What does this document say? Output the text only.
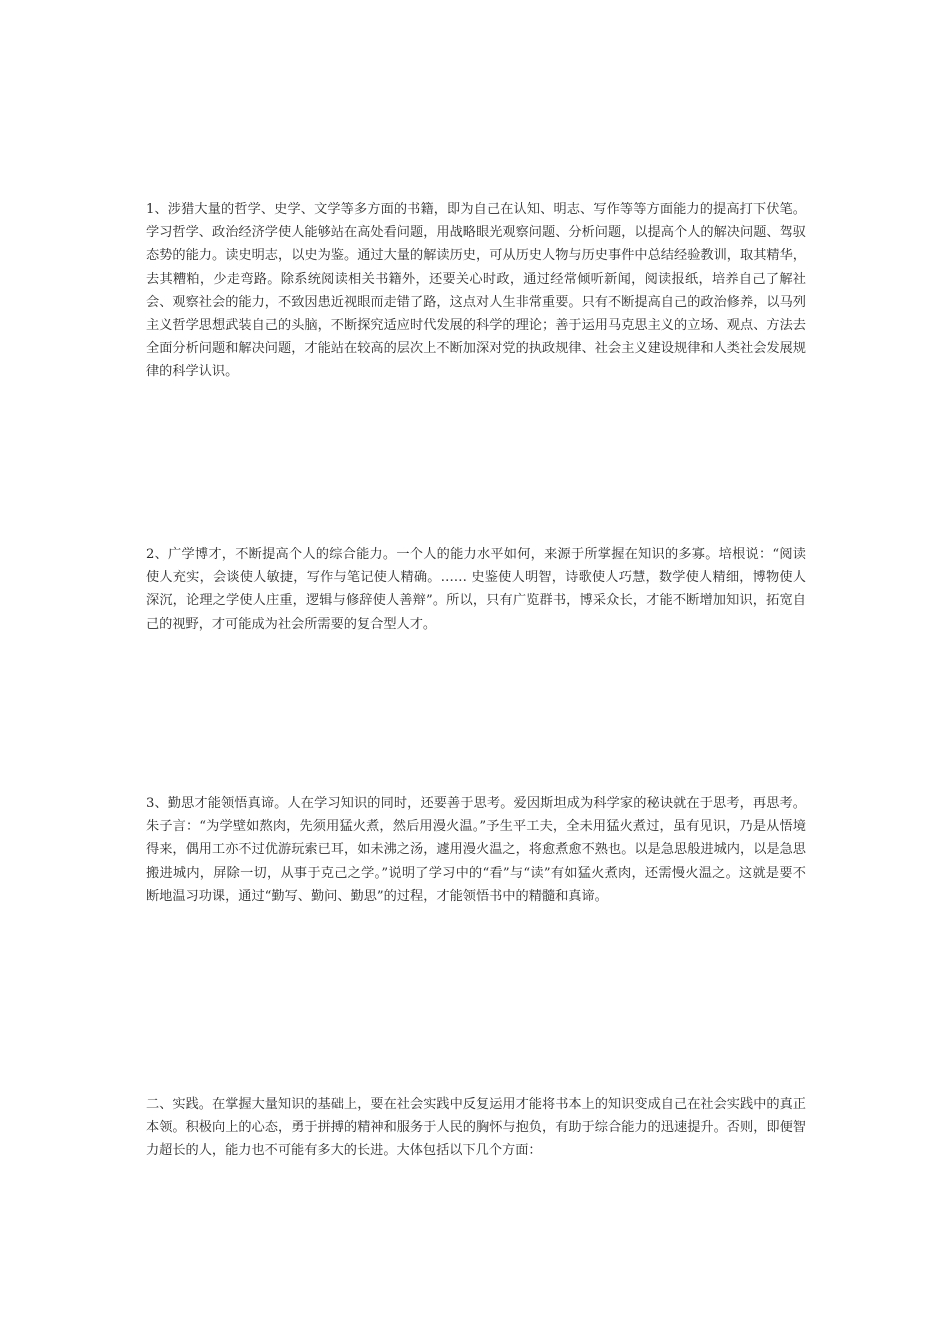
1、涉猎大量的哲学、史学、文学等多方面的书籍，即为自己在认知、明志、写作等等方面能力的提高打下伏笔。学习哲学、政治经济学使人能够站在高处看问题，用战略眼光观察问题、分析问题，以提高个人的解决问题、驾驭态势的能力。读史明志，以史为鉴。通过大量的解读历史，可从历史人物与历史事件中总结经验教训，取其精华，去其糟粕，少走弯路。除系统阅读相关书籍外，还要关心时政，通过经常倾听新闻，阅读报纸，培养自己了解社会、观察社会的能力，不致因患近视眼而走错了路，这点对人生非常重要。只有不断提高自己的政治修养，以马列主义哲学思想武装自己的头脑，不断探究适应时代发展的科学的理论；善于运用马克思主义的立场、观点、方法去全面分析问题和解决问题，才能站在较高的层次上不断加深对党的执政规律、社会主义建设规律和人类社会发展规律的科学认识。

2、广学博才，不断提高个人的综合能力。一个人的能力水平如何，来源于所掌握在知识的多寡。培根说：“阅读使人充实，会谈使人敏捷，写作与笔记使人精确。…… 史鉴使人明智，诗歌使人巧慧，数学使人精细，博物使人深沉，论理之学使人庄重，逻辑与修辞使人善辩”。所以，只有广览群书，博采众长，才能不断增加知识，拓宽自己的视野，才可能成为社会所需要的复合型人才。

3、勤思才能领悟真谛。人在学习知识的同时，还要善于思考。爱因斯坦成为科学家的秘诀就在于思考，再思考。朱子言：“为学壁如熬肉，先须用猛火煮，然后用漫火温。”予生平工夫，全未用猛火煮过，虽有见识，乃是从悟境得来，偶用工亦不过优游玩索已耳，如未沸之汤，遽用漫火温之，将愈煮愈不熟也。以是急思般进城内，以是急思搬进城内，屏除一切，从事于克己之学。”说明了学习中的“看”与“读”有如猛火煮肉，还需慢火温之。这就是要不断地温习功课，通过“勤写、勤问、勤思”的过程，才能领悟书中的精髓和真谛。

二、实践。在掌握大量知识的基础上，要在社会实践中反复运用才能将书本上的知识变成自己在社会实践中的真正本领。积极向上的心态，勇于拼搏的精神和服务于人民的胸怀与抱负，有助于综合能力的迅速提升。否则，即便智力超长的人，能力也不可能有多大的长进。大体包括以下几个方面：
